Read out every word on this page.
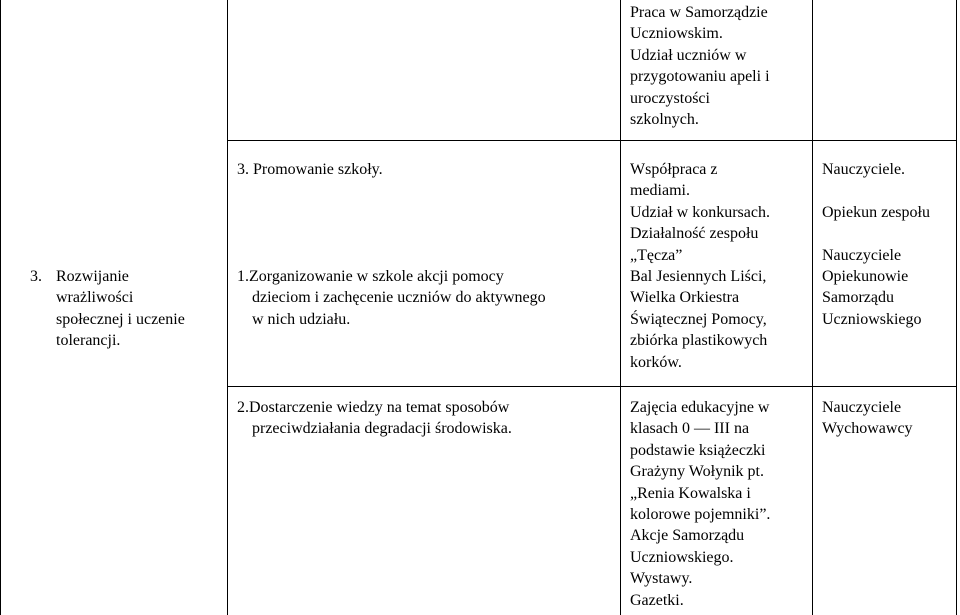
Praca w Samorządzie
Uczniowskim.
Udział uczniów w
przygotowaniu apeli i
uroczystości
szkolnych.
3. Promowanie szkoły.	Współpraca z
mediami.
Udział w konkursach.
Działalność zespołu
„Tęcza”
Bal Jesiennych Liści,
Wielka Orkiestra
Świątecznej Pomocy,
zbiórka plastikowych
korków.
Nauczyciele.

Opiekun zespołu

Nauczyciele
Opiekunowie
Samorządu
Uczniowskiego
3. Rozwijanie
wrażliwości
społecznej i uczenie
tolerancji.
1.Zorganizowanie w szkole akcji pomocy
dzieciom i zachęcenie uczniów do aktywnego
w nich udziału.
2.Dostarczenie wiedzy na temat sposobów
przeciwdziałania degradacji środowiska.
Zajęcia edukacyjne w
klasach 0 — III na
podstawie książeczki
Grażyny Wołynik pt.
„Renia Kowalska i
kolorowe pojemniki”.
Akcje Samorządu
Uczniowskiego.
Wystawy.
Gazetki.
Nauczyciele
Wychowawcy
